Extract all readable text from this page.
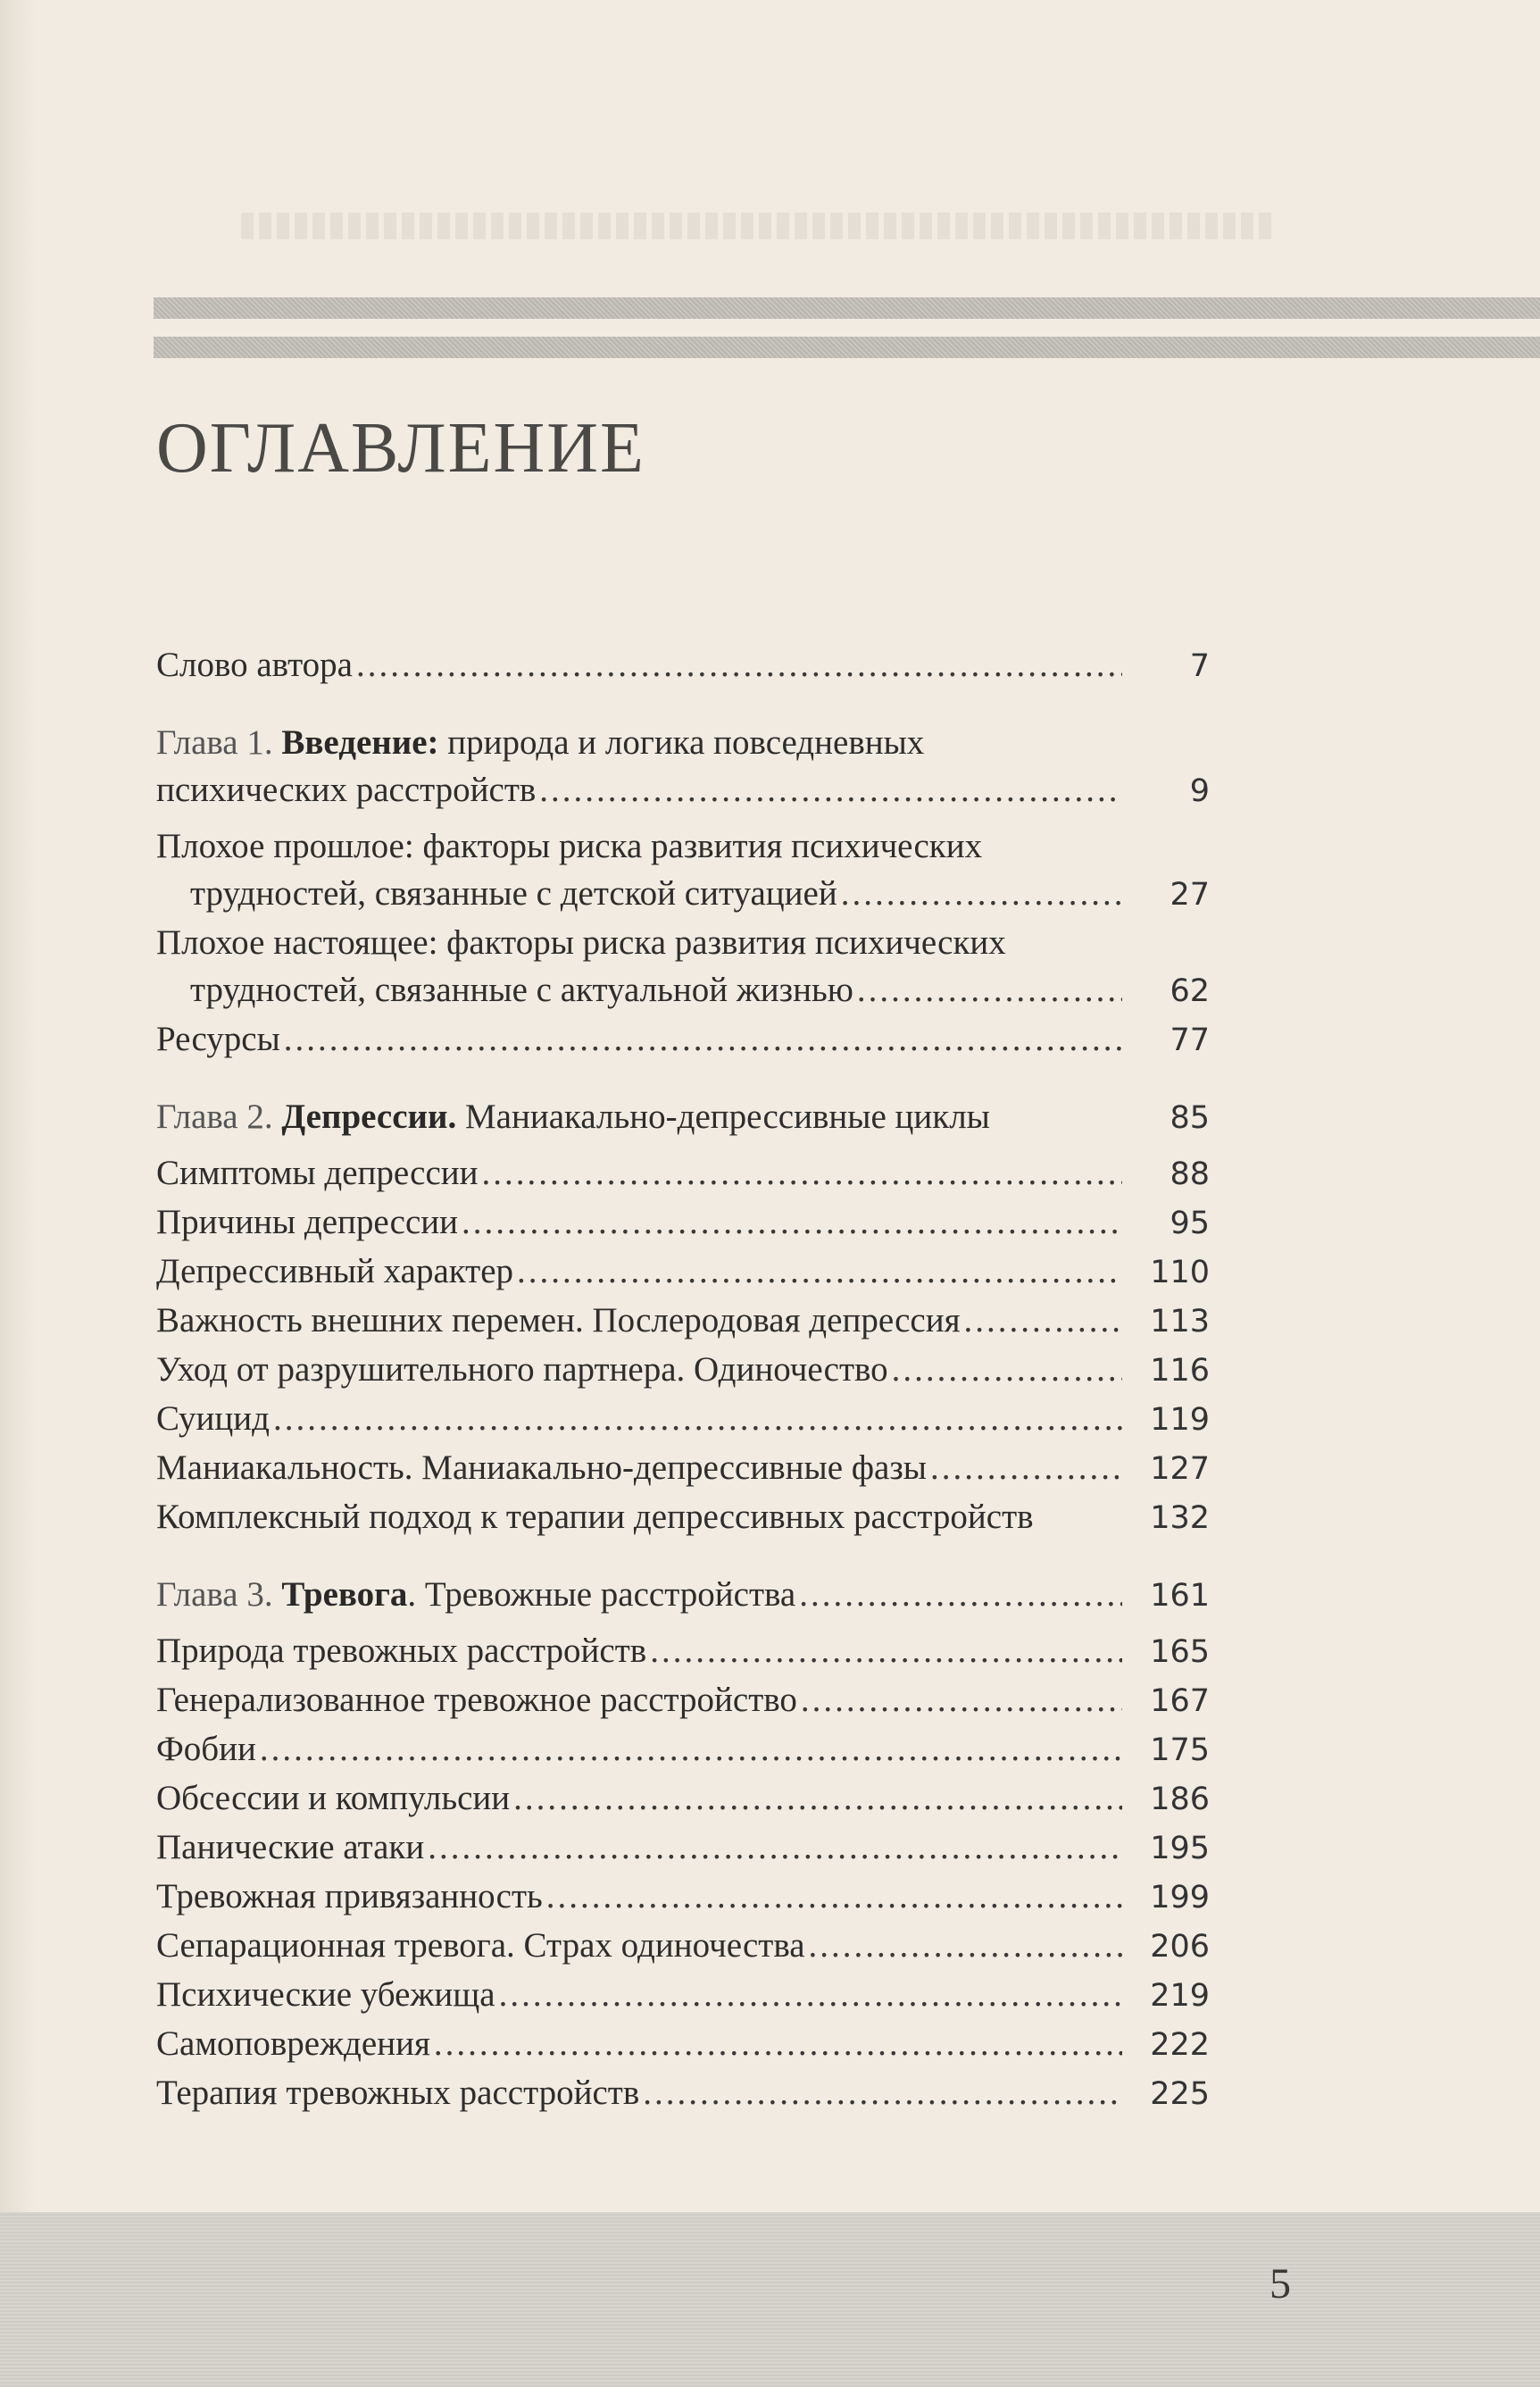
ОГЛАВЛЕНИЕ
Слово автора .....	7
Глава 1. Введение: природа и логика повседневных
психических расстройств .....	9
Плохое прошлое: факторы риска развития психических
трудностей, связанные с детской ситуацией .....	27
Плохое настоящее: факторы риска развития психических
трудностей, связанные с актуальной жизнью .....	62
Ресурсы .....	77
Глава 2. Депрессии. Маниакально-депрессивные циклы	85
Симптомы депрессии .....	88
Причины депрессии .....	95
Депрессивный характер .....	110
Важность внешних перемен. Послеродовая депрессия .....	113
Уход от разрушительного партнера. Одиночество .....	116
Суицид .....	119
Маниакальность. Маниакально-депрессивные фазы .....	127
Комплексный подход к терапии депрессивных расстройств	132
Глава 3. Тревога. Тревожные расстройства .....	161
Природа тревожных расстройств .....	165
Генерализованное тревожное расстройство .....	167
Фобии .....	175
Обсессии и компульсии .....	186
Панические атаки .....	195
Тревожная привязанность .....	199
Сепарационная тревога. Страх одиночества .....	206
Психические убежища .....	219
Самоповреждения .....	222
Терапия тревожных расстройств .....	225
5
